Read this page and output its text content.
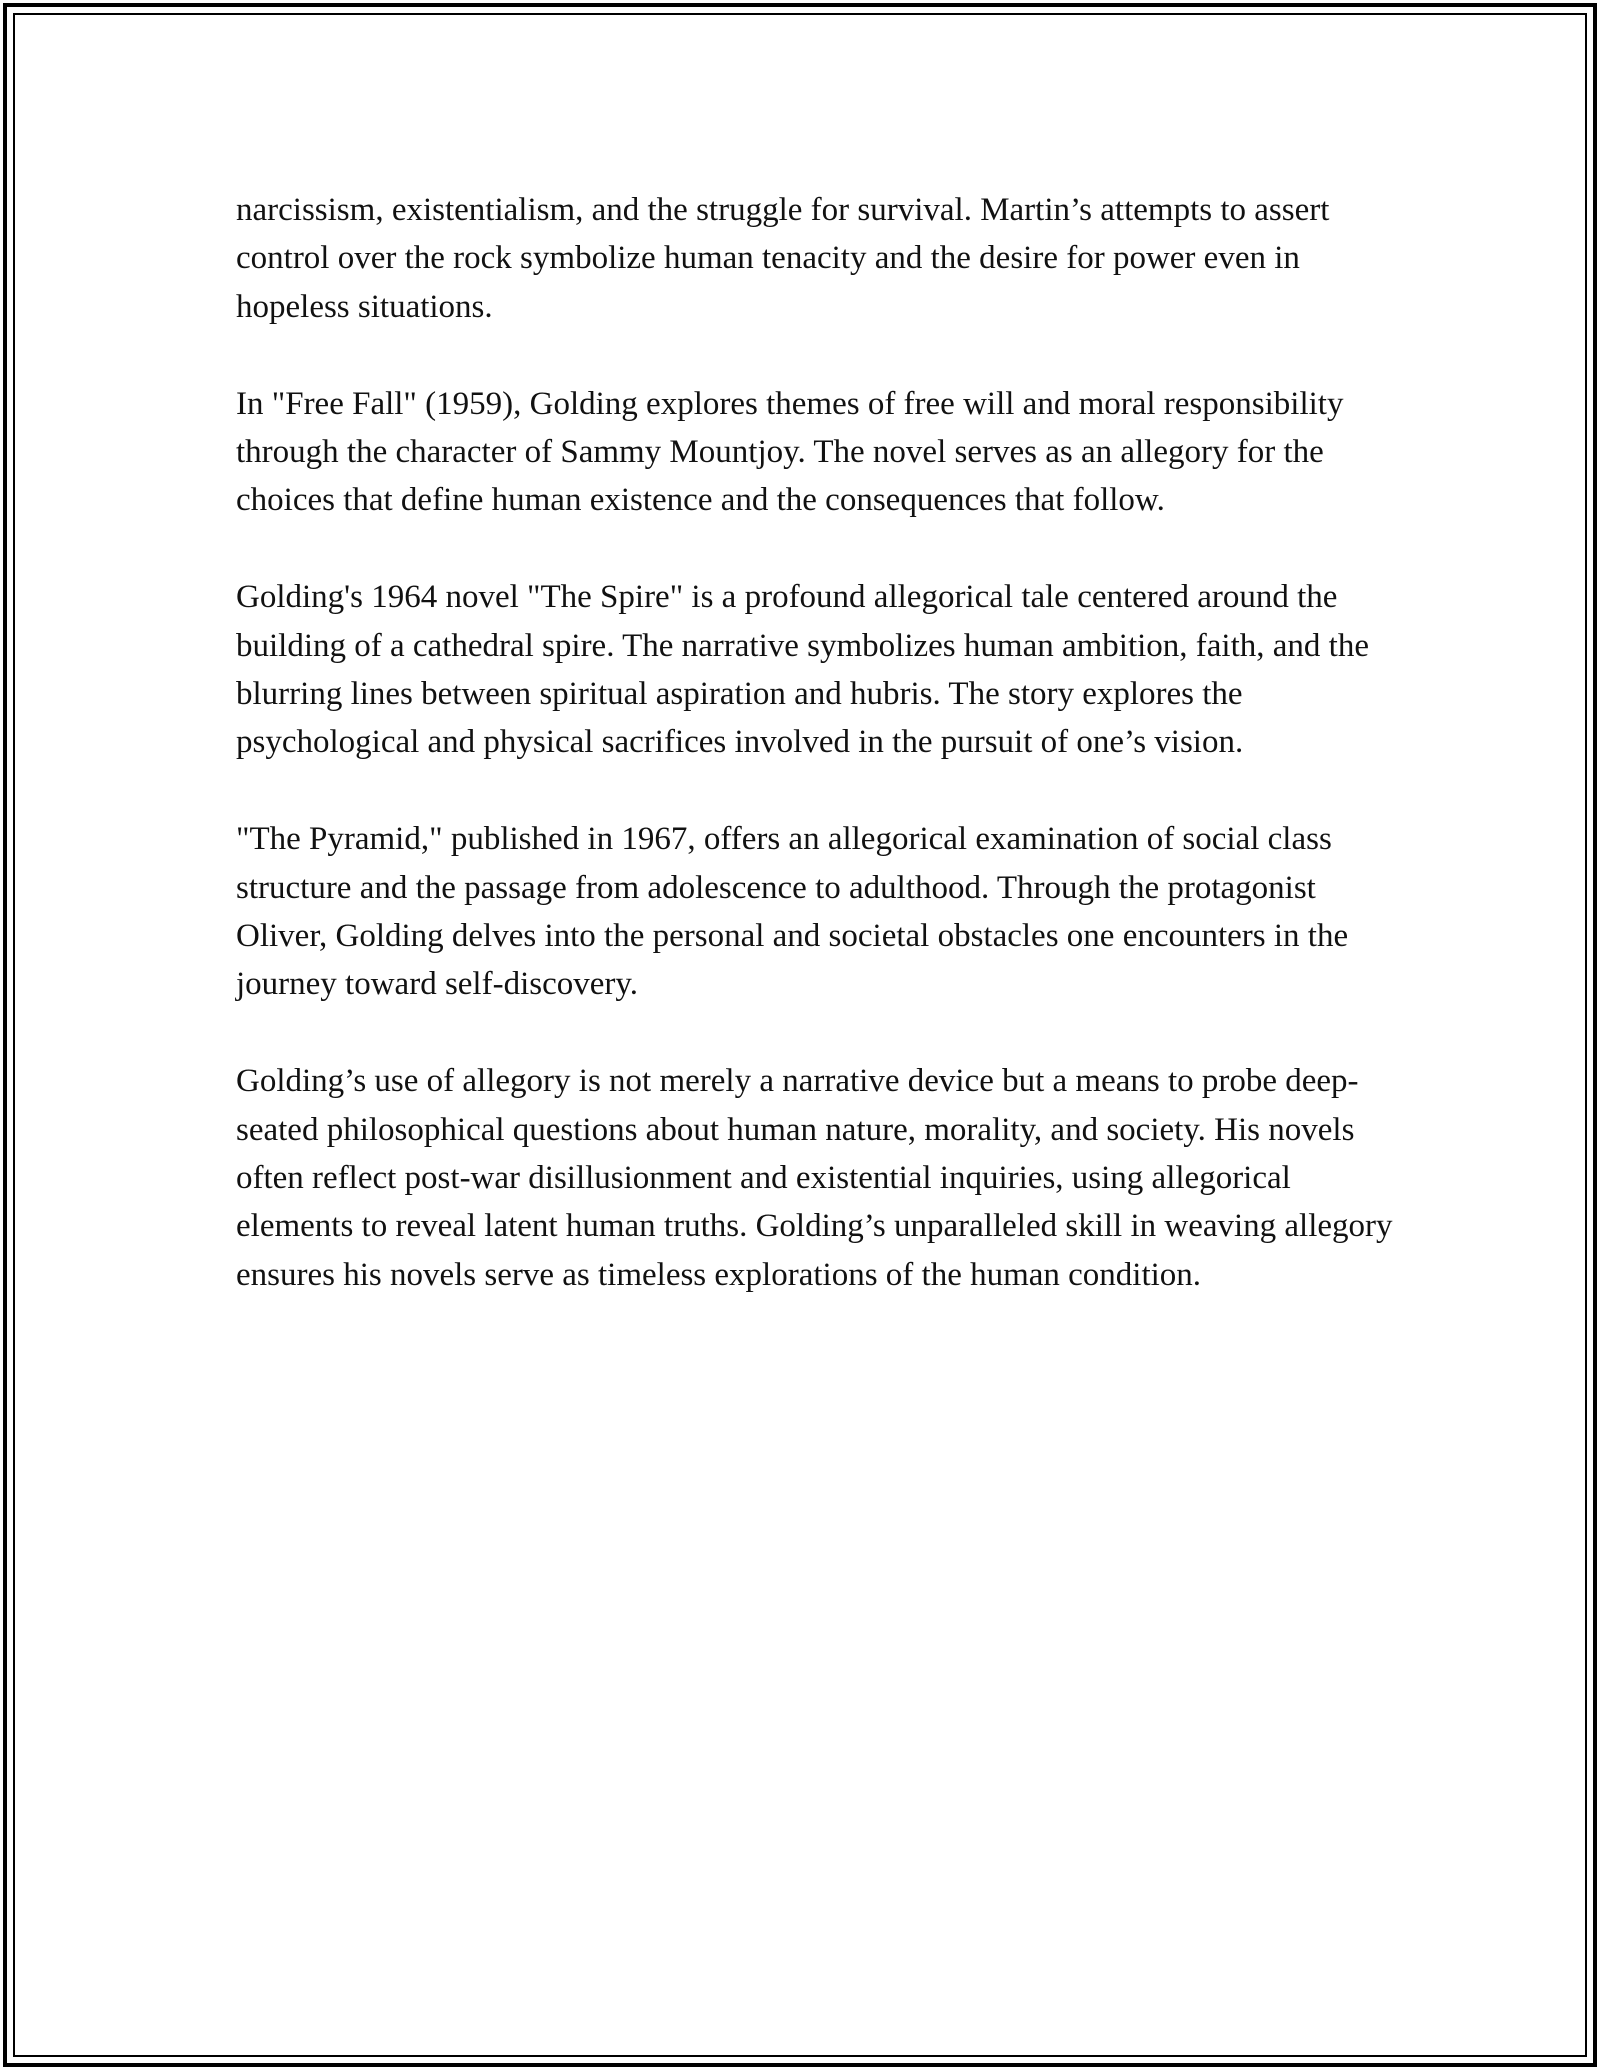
narcissism, existentialism, and the struggle for survival. Martin’s attempts to assert control over the rock symbolize human tenacity and the desire for power even in hopeless situations.

In "Free Fall" (1959), Golding explores themes of free will and moral responsibility through the character of Sammy Mountjoy. The novel serves as an allegory for the choices that define human existence and the consequences that follow.

Golding's 1964 novel "The Spire" is a profound allegorical tale centered around the building of a cathedral spire. The narrative symbolizes human ambition, faith, and the blurring lines between spiritual aspiration and hubris. The story explores the psychological and physical sacrifices involved in the pursuit of one’s vision.

"The Pyramid," published in 1967, offers an allegorical examination of social class structure and the passage from adolescence to adulthood. Through the protagonist Oliver, Golding delves into the personal and societal obstacles one encounters in the journey toward self-discovery.

Golding’s use of allegory is not merely a narrative device but a means to probe deep-seated philosophical questions about human nature, morality, and society. His novels often reflect post-war disillusionment and existential inquiries, using allegorical elements to reveal latent human truths. Golding’s unparalleled skill in weaving allegory ensures his novels serve as timeless explorations of the human condition.
